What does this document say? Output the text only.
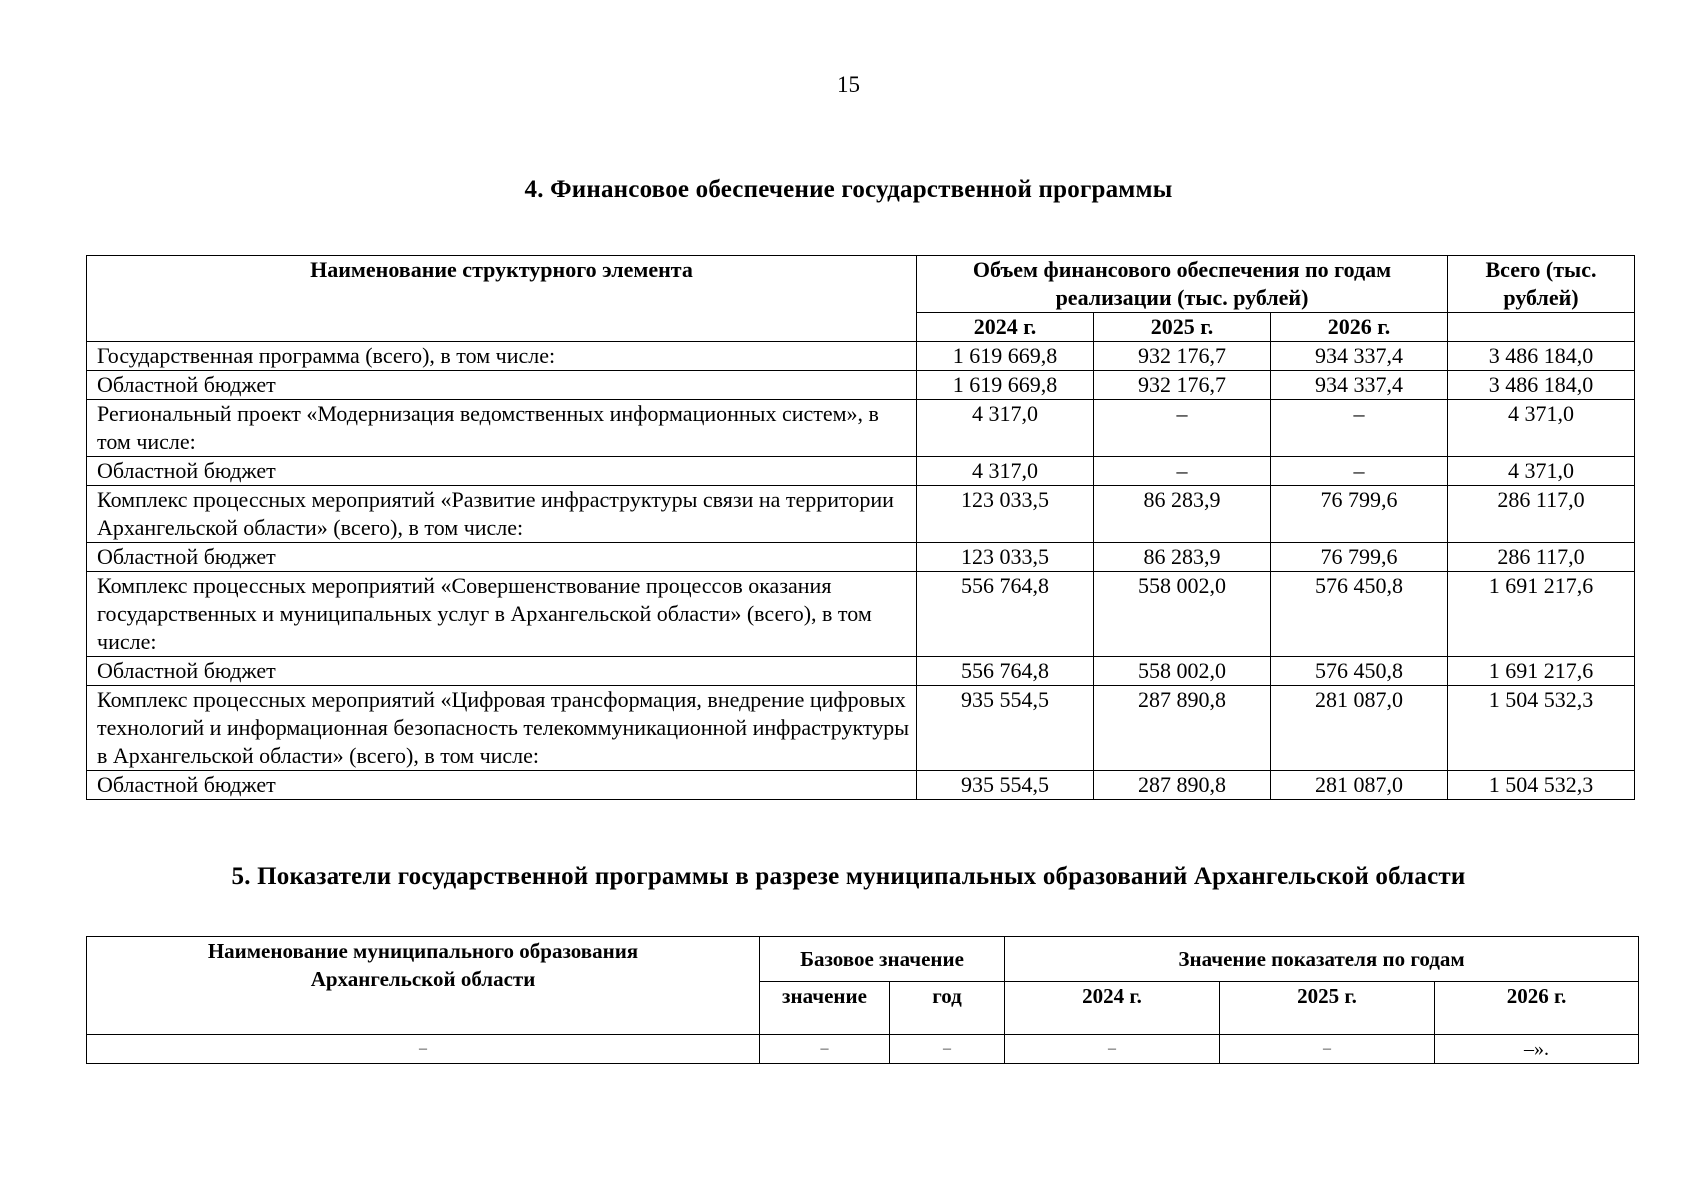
15
4. Финансовое обеспечение государственной программы
Наименование структурного элемента	Объем финансового обеспечения по годам реализации (тыс. рублей)			Всего (тыс. рублей)
	2024 г.	2025 г.	2026 г.	
Государственная программа (всего), в том числе:	1 619 669,8	932 176,7	934 337,4	3 486 184,0
Областной бюджет	1 619 669,8	932 176,7	934 337,4	3 486 184,0
Региональный проект «Модернизация ведомственных информационных систем», в том числе:	4 317,0	–	–	4 371,0
Областной бюджет	4 317,0	–	–	4 371,0
Комплекс процессных мероприятий «Развитие инфраструктуры связи на территории Архангельской области» (всего), в том числе:	123 033,5	86 283,9	76 799,6	286 117,0
Областной бюджет	123 033,5	86 283,9	76 799,6	286 117,0
Комплекс процессных мероприятий «Совершенствование процессов оказания государственных и муниципальных услуг в Архангельской области» (всего), в том числе:	556 764,8	558 002,0	576 450,8	1 691 217,6
Областной бюджет	556 764,8	558 002,0	576 450,8	1 691 217,6
Комплекс процессных мероприятий «Цифровая трансформация, внедрение цифровых технологий и информационная безопасность телекоммуникационной инфраструктуры в Архангельской области» (всего), в том числе:	935 554,5	287 890,8	281 087,0	1 504 532,3
Областной бюджет	935 554,5	287 890,8	281 087,0	1 504 532,3
5. Показатели государственной программы в разрезе муниципальных образований Архангельской области
Наименование муниципального образования Архангельской области	Базовое значение		Значение показателя по годам		
	значение	год	2024 г.	2025 г.	2026 г.
–	–	–	–	–	–».
